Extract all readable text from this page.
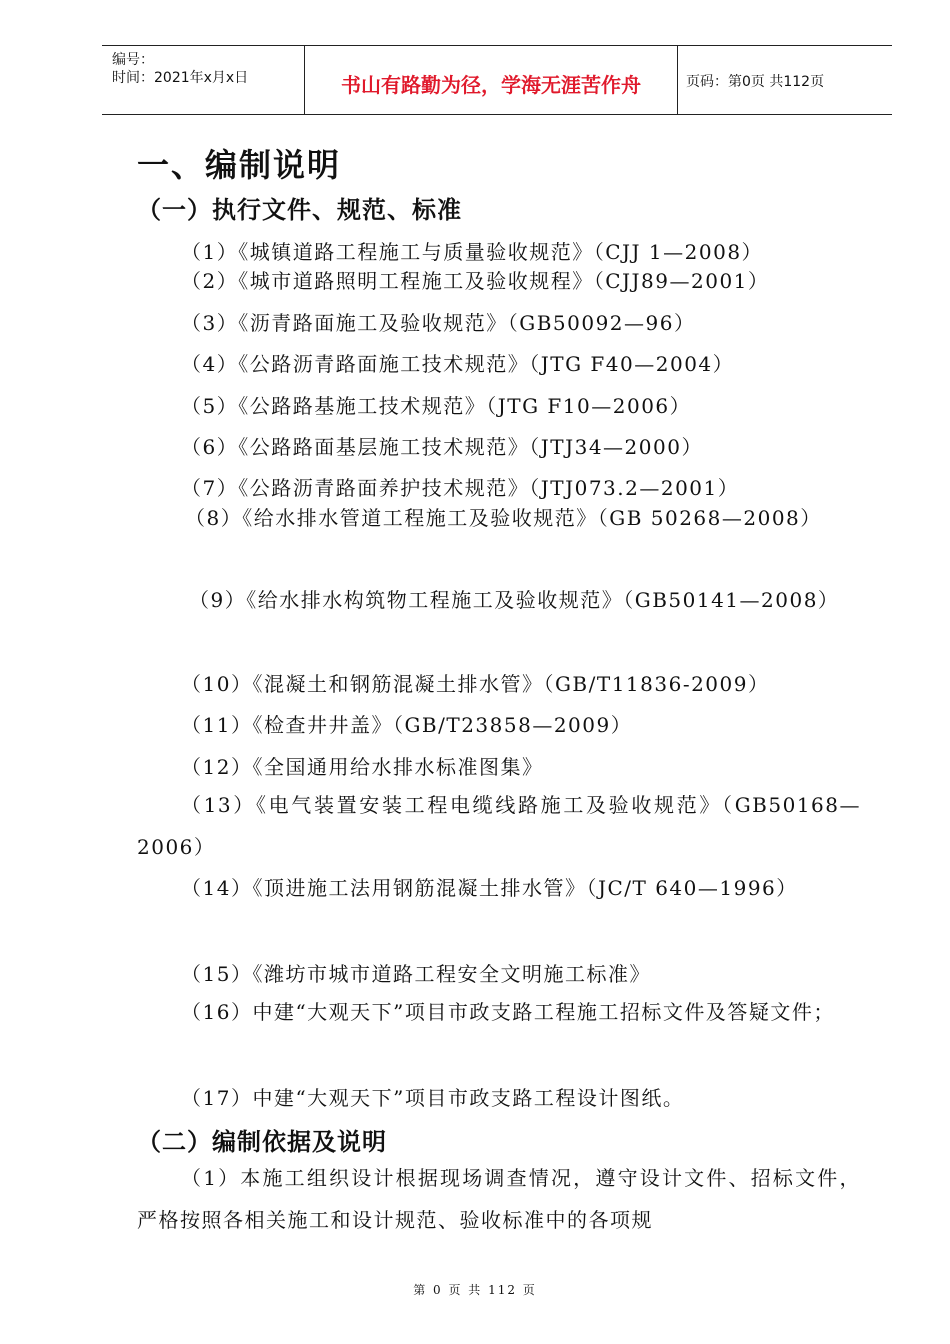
编号：
时间：2021年x月x日	书山有路勤为径，学海无涯苦作舟	页码：第0页 共112页
一、编制说明
（一）执行文件、规范、标准
（1）《城镇道路工程施工与质量验收规范》（CJJ 1—2008）
（2）《城市道路照明工程施工及验收规程》（CJJ89—2001）
（3）《沥青路面施工及验收规范》（GB50092—96）
（4）《公路沥青路面施工技术规范》（JTG F40—2004）
（5）《公路路基施工技术规范》（JTG F10—2006）
（6）《公路路面基层施工技术规范》（JTJ34—2000）
（7）《公路沥青路面养护技术规范》（JTJ073.2—2001）
（8）《给水排水管道工程施工及验收规范》（GB 50268—2008）
（9）《给水排水构筑物工程施工及验收规范》（GB50141—2008）
（10）《混凝土和钢筋混凝土排水管》（GB/T11836-2009）
（11）《检查井井盖》（GB/T23858—2009）
（12）《全国通用给水排水标准图集》
（13）《电气装置安装工程电缆线路施工及验收规范》（GB50168—2006）
（14）《顶进施工法用钢筋混凝土排水管》（JC/T 640—1996）
（15）《潍坊市城市道路工程安全文明施工标准》
（16）中建“大观天下”项目市政支路工程施工招标文件及答疑文件；
（17）中建“大观天下”项目市政支路工程设计图纸。
（二）编制依据及说明
（1）本施工组织设计根据现场调查情况，遵守设计文件、招标文件，严格按照各相关施工和设计规范、验收标准中的各项规
第 0 页 共 112 页
